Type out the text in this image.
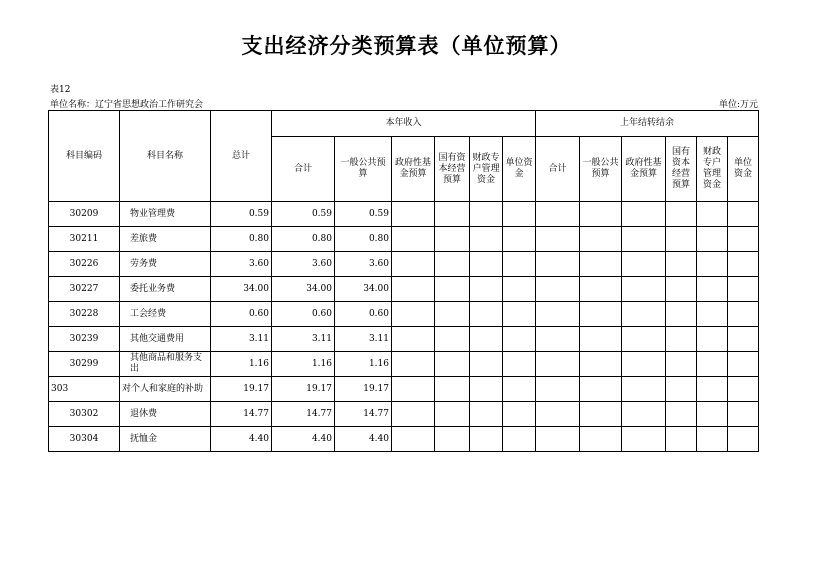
支出经济分类预算表（单位预算）
表12
单位名称：辽宁省思想政治工作研究会	单位:万元
科目编码	科目名称	总计	本年收入						上年结转结余					
			合计	一般公共预算	政府性基金预算	国有资本经营预算	财政专户管理资金	单位资金	合计	一般公共预算	政府性基金预算	国有资本经营预算	财政专户管理资金	单位资金
30209	物业管理费	0.59	0.59	0.59										
30211	差旅费	0.80	0.80	0.80										
30226	劳务费	3.60	3.60	3.60										
30227	委托业务费	34.00	34.00	34.00										
30228	工会经费	0.60	0.60	0.60										
30239	其他交通费用	3.11	3.11	3.11										
30299	其他商品和服务支出	1.16	1.16	1.16										
303	对个人和家庭的补助	19.17	19.17	19.17										
30302	退休费	14.77	14.77	14.77										
30304	抚恤金	4.40	4.40	4.40										
